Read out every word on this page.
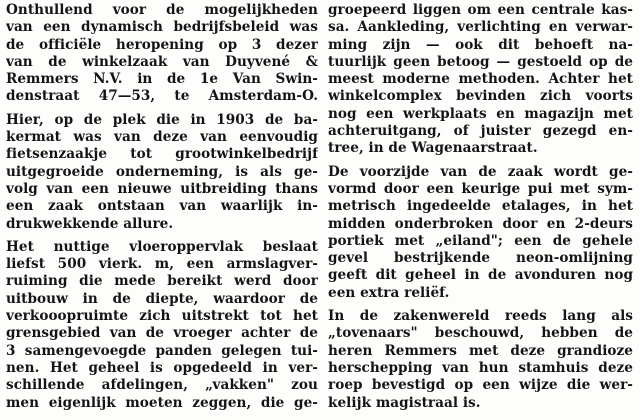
Onthullend voor de mogelijkheden
van een dynamisch bedrijfsbeleid was
de officiële heropening op 3 dezer
van de winkelzaak van Duyvené &
Remmers N.V. in de 1e Van Swin-
denstraat 47—53, te Amsterdam-O.
Hier, op de plek die in 1903 de ba-
kermat was van deze van eenvoudig
fietsenzaakje tot grootwinkelbedrijf
uitgegroeide onderneming, is als ge-
volg van een nieuwe uitbreiding thans
een zaak ontstaan van waarlijk in-
drukwekkende allure.
Het nuttige vloeroppervlak beslaat
liefst 500 vierk. m, een armslagver-
ruiming die mede bereikt werd door
uitbouw in de diepte, waardoor de
verkooopruimte zich uitstrekt tot het
grensgebied van de vroeger achter de
3 samengevoegde panden gelegen tui-
nen. Het geheel is opgedeeld in ver-
schillende afdelingen, „vakken" zou
men eigenlijk moeten zeggen, die ge-
groepeerd liggen om een centrale kas-
sa. Aankleding, verlichting en verwar-
ming zijn — ook dit behoeft na-
tuurlijk geen betoog — gestoeld op de
meest moderne methoden. Achter het
winkelcomplex bevinden zich voorts
nog een werkplaats en magazijn met
achteruitgang, of juister gezegd en-
tree, in de Wagenaarstraat.
De voorzijde van de zaak wordt ge-
vormd door een keurige pui met sym-
metrisch ingedeelde etalages, in het
midden onderbroken door en 2-deurs
portiek met „eiland"; een de gehele
gevel bestrijkende neon-omlijning
geeft dit geheel in de avonduren nog
een extra reliëf.
In de zakenwereld reeds lang als
„tovenaars" beschouwd, hebben de
heren Remmers met deze grandioze
herschepping van hun stamhuis deze
roep bevestigd op een wijze die wer-
kelijk magistraal is.
